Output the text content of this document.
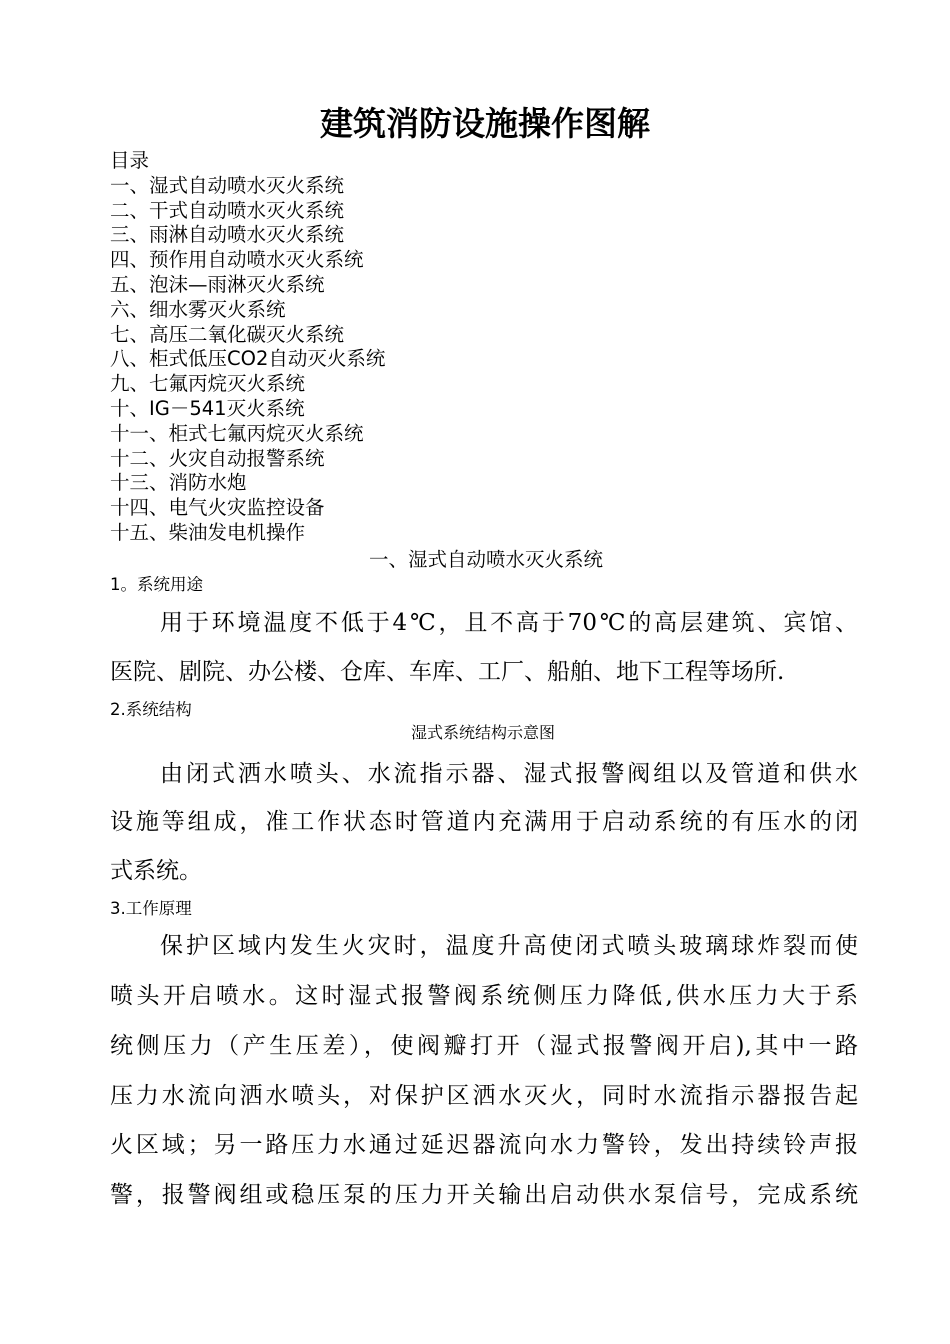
建筑消防设施操作图解
目录
一、湿式自动喷水灭火系统
二、干式自动喷水灭火系统
三、雨淋自动喷水灭火系统
四、预作用自动喷水灭火系统
五、泡沫—雨淋灭火系统
六、细水雾灭火系统
七、高压二氧化碳灭火系统
八、柜式低压CO2自动灭火系统
九、七氟丙烷灭火系统
十、IG－541灭火系统
十一、柜式七氟丙烷灭火系统
十二、火灾自动报警系统
十三、消防水炮
十四、电气火灾监控设备
十五、柴油发电机操作
一、湿式自动喷水灭火系统
1。系统用途
用于环境温度不低于4℃，且不高于70℃的高层建筑、宾馆、
医院、剧院、办公楼、仓库、车库、工厂、船舶、地下工程等场所.
2.系统结构
湿式系统结构示意图
由闭式洒水喷头、水流指示器、湿式报警阀组以及管道和供水
设施等组成，准工作状态时管道内充满用于启动系统的有压水的闭
式系统。
3.工作原理
保护区域内发生火灾时，温度升高使闭式喷头玻璃球炸裂而使
喷头开启喷水。这时湿式报警阀系统侧压力降低,供水压力大于系
统侧压力（产生压差），使阀瓣打开（湿式报警阀开启),其中一路
压力水流向洒水喷头，对保护区洒水灭火，同时水流指示器报告起
火区域；另一路压力水通过延迟器流向水力警铃，发出持续铃声报
警，报警阀组或稳压泵的压力开关输出启动供水泵信号，完成系统
